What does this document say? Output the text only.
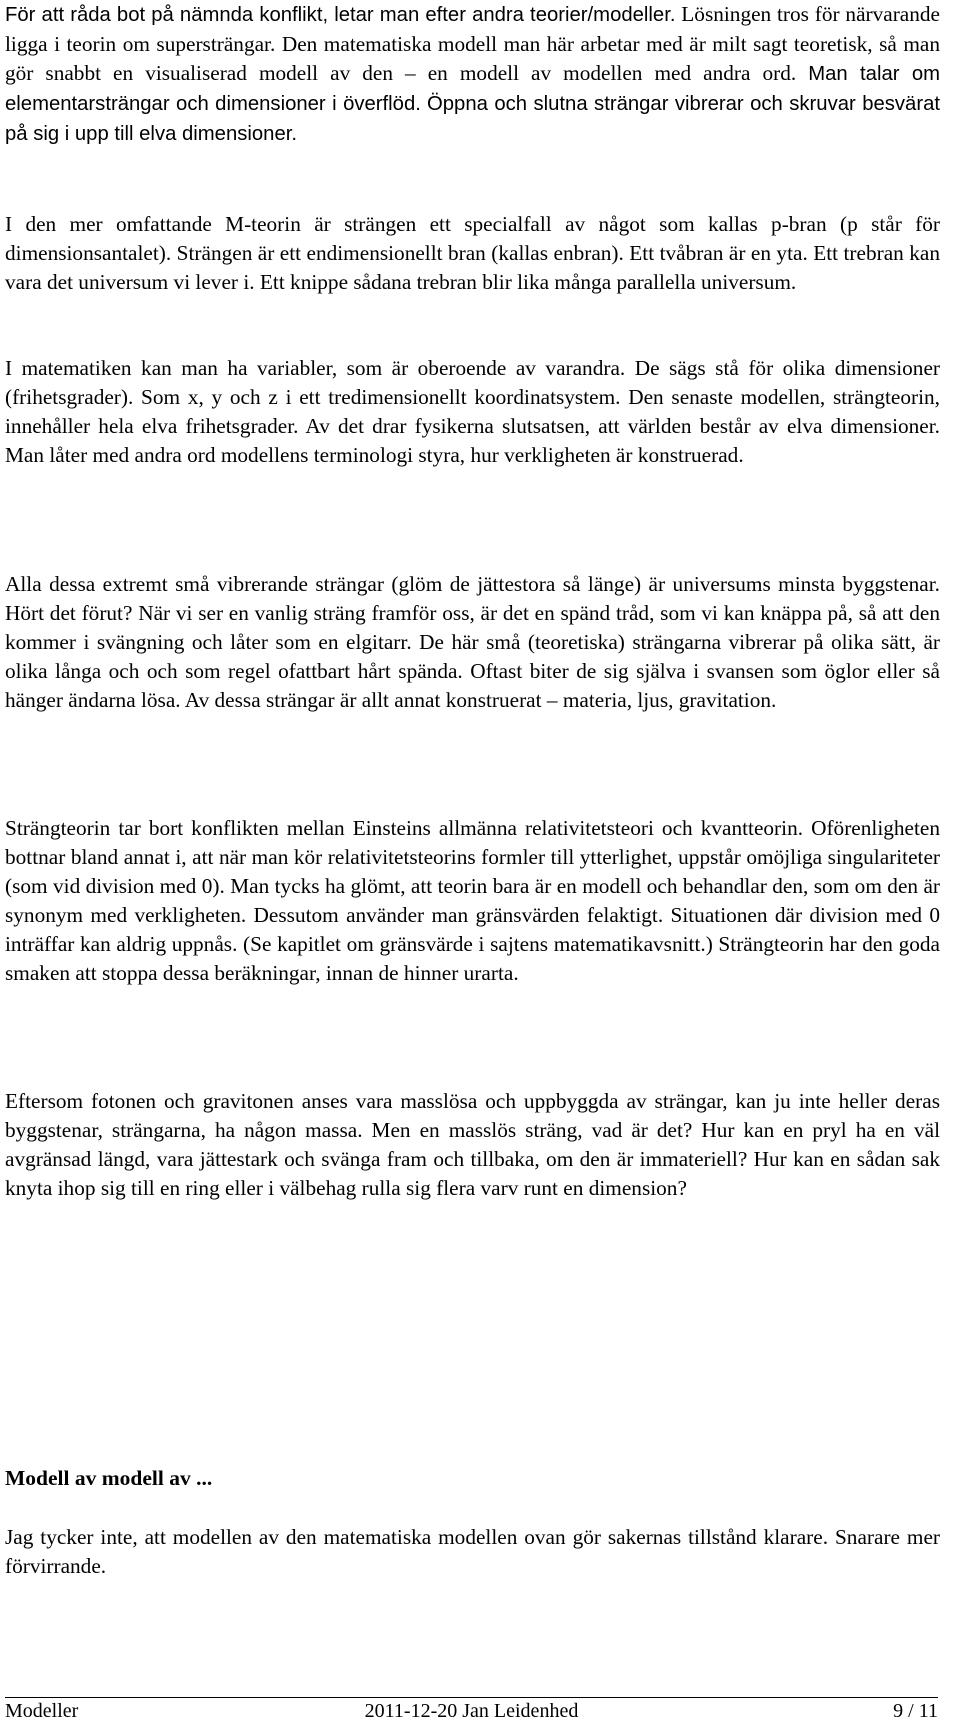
För att råda bot på nämnda konflikt, letar man efter andra teorier/modeller. Lösningen tros för närvarande ligga i teorin om supersträngar. Den matematiska modell man här arbetar med är milt sagt teoretisk, så man gör snabbt en visualiserad modell av den – en modell av modellen med andra ord. Man talar om elementarsträngar och dimensioner i överflöd. Öppna och slutna strängar vibrerar och skruvar besvärat på sig i upp till elva dimensioner.

I den mer omfattande M-teorin är strängen ett specialfall av något som kallas p-bran (p står för dimensionsantalet). Strängen är ett endimensionellt bran (kallas enbran). Ett tvåbran är en yta. Ett trebran kan vara det universum vi lever i. Ett knippe sådana trebran blir lika många parallella universum.

I matematiken kan man ha variabler, som är oberoende av varandra. De sägs stå för olika dimensioner (frihetsgrader). Som x, y och z i ett tredimensionellt koordinatsystem. Den senaste modellen, strängteorin, innehåller hela elva frihetsgrader. Av det drar fysikerna slutsatsen, att världen består av elva dimensioner. Man låter med andra ord modellens terminologi styra, hur verkligheten är konstruerad.

Alla dessa extremt små vibrerande strängar (glöm de jättestora så länge) är universums minsta byggstenar. Hört det förut? När vi ser en vanlig sträng framför oss, är det en spänd tråd, som vi kan knäppa på, så att den kommer i svängning och låter som en elgitarr. De här små (teoretiska) strängarna vibrerar på olika sätt, är olika långa och och som regel ofattbart hårt spända. Oftast biter de sig själva i svansen som öglor eller så hänger ändarna lösa. Av dessa strängar är allt annat konstruerat – materia, ljus, gravitation.

Strängteorin tar bort konflikten mellan Einsteins allmänna relativitetsteori och kvantteorin. Oförenligheten bottnar bland annat i, att när man kör relativitetsteorins formler till ytterlighet, uppstår omöjliga singulariteter (som vid division med 0). Man tycks ha glömt, att teorin bara är en modell och behandlar den, som om den är synonym med verkligheten. Dessutom använder man gränsvärden felaktigt. Situationen där division med 0 inträffar kan aldrig uppnås. (Se kapitlet om gränsvärde i sajtens matematikavsnitt.) Strängteorin har den goda smaken att stoppa dessa beräkningar, innan de hinner urarta.

Eftersom fotonen och gravitonen anses vara masslösa och uppbyggda av strängar, kan ju inte heller deras byggstenar, strängarna, ha någon massa. Men en masslös sträng, vad är det? Hur kan en pryl ha en väl avgränsad längd, vara jättestark och svänga fram och tillbaka, om den är immateriell? Hur kan en sådan sak knyta ihop sig till en ring eller i välbehag rulla sig flera varv runt en dimension?

Modell av modell av ...

Jag tycker inte, att modellen av den matematiska modellen ovan gör sakernas tillstånd klarare. Snarare mer förvirrande.

Modeller	2011-12-20 Jan Leidenhed	9 / 11
